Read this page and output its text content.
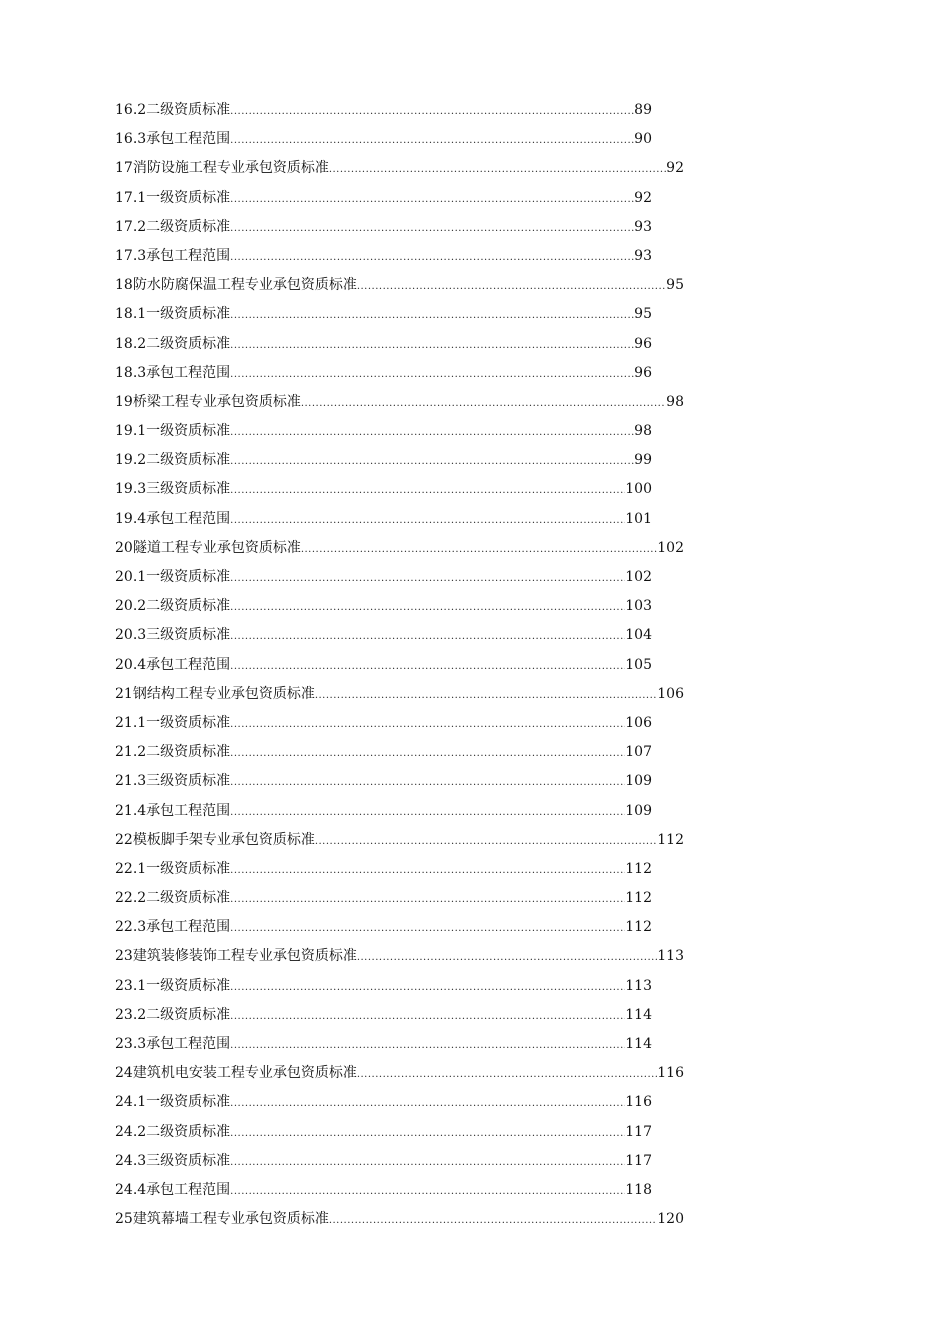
16.2二级资质标准 .....	89
16.3承包工程范围 .....	90
17消防设施工程专业承包资质标准 .....	92
17.1一级资质标准 .....	92
17.2二级资质标准 .....	93
17.3承包工程范围 .....	93
18防水防腐保温工程专业承包资质标准 .....	95
18.1一级资质标准 .....	95
18.2二级资质标准 .....	96
18.3承包工程范围 .....	96
19桥梁工程专业承包资质标准 .....	98
19.1一级资质标准 .....	98
19.2二级资质标准 .....	99
19.3三级资质标准 .....	100
19.4承包工程范围 .....	101
20隧道工程专业承包资质标准 .....	102
20.1一级资质标准 .....	102
20.2二级资质标准 .....	103
20.3三级资质标准 .....	104
20.4承包工程范围 .....	105
21钢结构工程专业承包资质标准 .....	106
21.1一级资质标准 .....	106
21.2二级资质标准 .....	107
21.3三级资质标准 .....	109
21.4承包工程范围 .....	109
22模板脚手架专业承包资质标准 .....	112
22.1一级资质标准 .....	112
22.2二级资质标准 .....	112
22.3承包工程范围 .....	112
23建筑装修装饰工程专业承包资质标准 .....	113
23.1一级资质标准 .....	113
23.2二级资质标准 .....	114
23.3承包工程范围 .....	114
24建筑机电安装工程专业承包资质标准 .....	116
24.1一级资质标准 .....	116
24.2二级资质标准 .....	117
24.3三级资质标准 .....	117
24.4承包工程范围 .....	118
25建筑幕墙工程专业承包资质标准 .....	120
